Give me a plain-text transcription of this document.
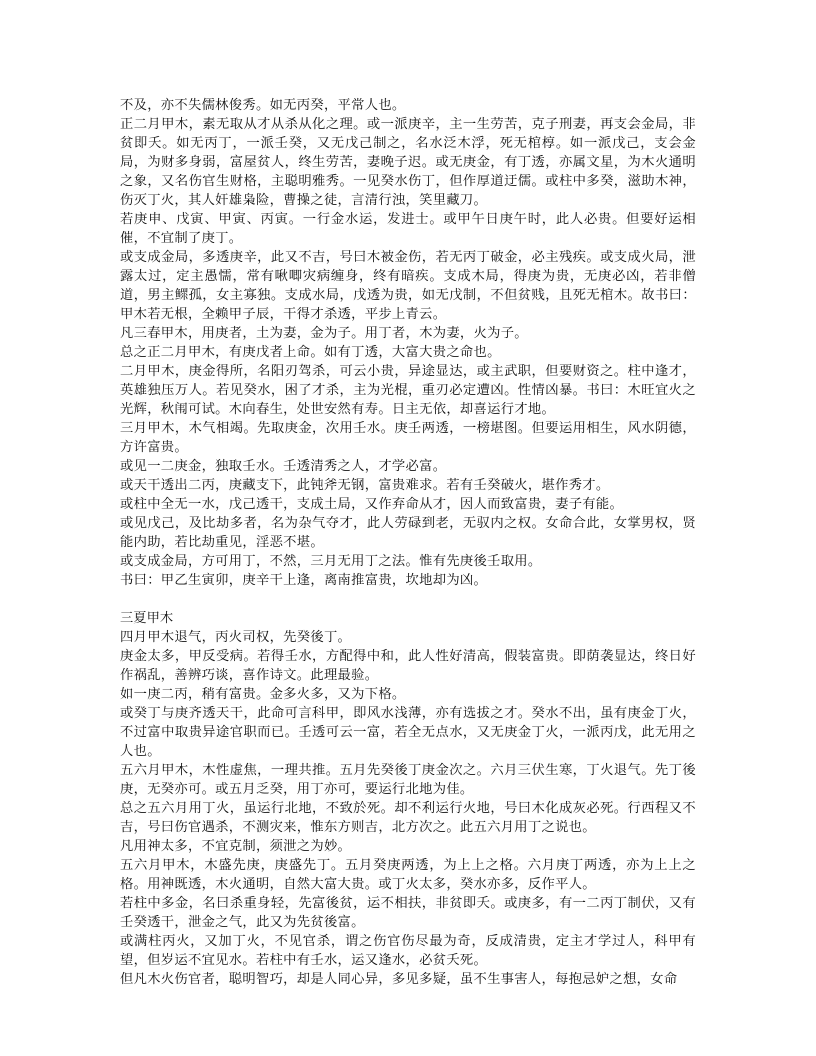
不及，亦不失儒林俊秀。如无丙癸，平常人也。

正二月甲木，素无取从才从杀从化之理。或一派庚辛，主一生劳苦，克子刑妻，再支会金局，非贫即夭。如无丙丁，一派壬癸，又无戊己制之，名水泛木浮，死无棺椁。如一派戊己，支会金局，为财多身弱，富屋贫人，终生劳苦，妻晚子迟。或无庚金，有丁透，亦属文星，为木火通明之象，又名伤官生财格，主聪明雅秀。一见癸水伤丁，但作厚道迂儒。或柱中多癸，滋助木神，伤灭丁火，其人奸雄枭险，曹操之徒，言清行浊，笑里藏刀。

若庚申、戊寅、甲寅、丙寅。一行金水运，发进士。或甲午日庚午时，此人必贵。但要好运相催，不宜制了庚丁。

或支成金局，多透庚辛，此又不吉，号曰木被金伤，若无丙丁破金，必主残疾。或支成火局，泄露太过，定主愚懦，常有啾唧灾病缠身，终有暗疾。支成木局，得庚为贵，无庚必凶，若非僧道，男主鳏孤，女主寡独。支成水局，戊透为贵，如无戊制，不但贫贱，且死无棺木。故书曰：甲木若无根，全赖甲子辰，干得才杀透，平步上青云。

凡三春甲木，用庚者，土为妻，金为子。用丁者，木为妻，火为子。

总之正二月甲木，有庚戊者上命。如有丁透，大富大贵之命也。

二月甲木，庚金得所，名阳刃驾杀，可云小贵，异途显达，或主武职，但要财资之。柱中逢才，英雄独压万人。若见癸水，困了才杀，主为光棍，重刃必定遭凶。性情凶暴。书曰：木旺宜火之光辉，秋闱可试。木向春生，处世安然有寿。日主无依，却喜运行才地。

三月甲木，木气相竭。先取庚金，次用壬水。庚壬两透，一榜堪图。但要运用相生，风水阴德，方许富贵。

或见一二庚金，独取壬水。壬透清秀之人，才学必富。

或天干透出二丙，庚藏支下，此钝斧无钢，富贵难求。若有壬癸破火，堪作秀才。

或柱中全无一水，戊己透干，支成土局，又作弃命从才，因人而致富贵，妻子有能。

或见戊己，及比劫多者，名为杂气夺才，此人劳碌到老，无驭内之权。女命合此，女掌男权，贤能内助，若比劫重见，淫恶不堪。

或支成金局，方可用丁，不然，三月无用丁之法。惟有先庚後壬取用。

书曰：甲乙生寅卯，庚辛干上逢，离南推富贵，坎地却为凶。

三夏甲木

四月甲木退气，丙火司权，先癸後丁。

庚金太多，甲反受病。若得壬水，方配得中和，此人性好清高，假装富贵。即荫袭显达，终日好作祸乱，善辨巧谈，喜作诗文。此理最验。

如一庚二丙，稍有富贵。金多火多，又为下格。

或癸丁与庚齐透天干，此命可言科甲，即风水浅薄，亦有选拔之才。癸水不出，虽有庚金丁火，不过富中取贵异途官职而已。壬透可云一富，若全无点水，又无庚金丁火，一派丙戊，此无用之人也。

五六月甲木，木性虚焦，一理共推。五月先癸後丁庚金次之。六月三伏生寒，丁火退气。先丁後庚，无癸亦可。或五月乏癸，用丁亦可，要运行北地为佳。

总之五六月用丁火，虽运行北地，不致於死。却不利运行火地，号曰木化成灰必死。行西程又不吉，号曰伤官遇杀，不测灾来，惟东方则吉，北方次之。此五六月用丁之说也。

凡用神太多，不宜克制，须泄之为妙。

五六月甲木，木盛先庚，庚盛先丁。五月癸庚两透，为上上之格。六月庚丁两透，亦为上上之格。用神既透，木火通明，自然大富大贵。或丁火太多，癸水亦多，反作平人。

若柱中多金，名曰杀重身轻，先富後贫，运不相扶，非贫即夭。或庚多，有一二丙丁制伏，又有壬癸透干，泄金之气，此又为先贫後富。

或满柱丙火，又加丁火，不见官杀，谓之伤官伤尽最为奇，反成清贵，定主才学过人，科甲有望，但岁运不宜见水。若柱中有壬水，运又逢水，必贫夭死。

但凡木火伤官者，聪明智巧，却是人同心异，多见多疑，虽不生事害人，每抱忌妒之想，女命
